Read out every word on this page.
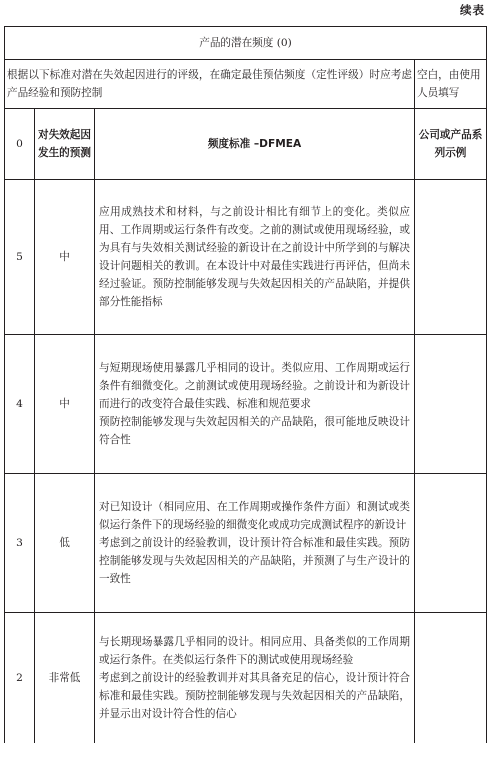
续表
产品的潜在频度 (0)			
根据以下标准对潜在失效起因进行的评级，在确定最佳预估频度（定性评级）时应考虑产品经验和预防控制			空白，由使用人员填写
0	对失效起因发生的预测	频度标准 –DFMEA	公司或产品系列示例
5	中	应用成熟技术和材料，与之前设计相比有细节上的变化。类似应用、工作周期或运行条件有改变。之前的测试或使用现场经验，或为具有与失效相关测试经验的新设计在之前设计中所学到的与解决设计问题相关的教训。在本设计中对最佳实践进行再评估，但尚未经过验证。预防控制能够发现与失效起因相关的产品缺陷，并提供部分性能指标	
4	中	与短期现场使用暴露几乎相同的设计。类似应用、工作周期或运行条件有细微变化。之前测试或使用现场经验。之前设计和为新设计而进行的改变符合最佳实践、标准和规范要求
预防控制能够发现与失效起因相关的产品缺陷，很可能地反映设计符合性	

3	低	对已知设计（相同应用、在工作周期或操作条件方面）和测试或类似运行条件下的现场经验的细微变化或成功完成测试程序的新设计
考虑到之前设计的经验教训，设计预计符合标准和最佳实践。预防控制能够发现与失效起因相关的产品缺陷，并预测了与生产设计的一致性	

2	非常低	与长期现场暴露几乎相同的设计。相同应用、具备类似的工作周期或运行条件。在类似运行条件下的测试或使用现场经验
考虑到之前设计的经验教训并对其具备充足的信心，设计预计符合标准和最佳实践。预防控制能够发现与失效起因相关的产品缺陷，并显示出对设计符合性的信心	
